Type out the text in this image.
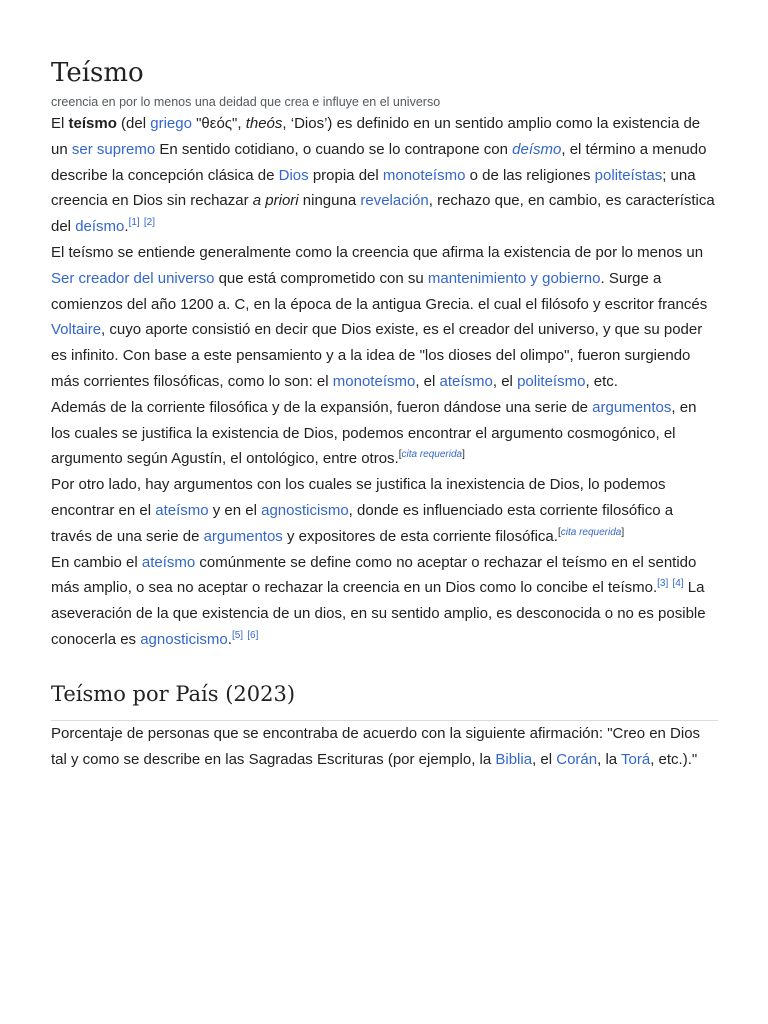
Teísmo
creencia en por lo menos una deidad que crea e influye en el universo

El teísmo (del griego "θεός", theós, ‘Dios’) es definido en un sentido amplio como la existencia de un ser supremo En sentido cotidiano, o cuando se lo contrapone con deísmo, el término a menudo describe la concepción clásica de Dios propia del monoteísmo o de las religiones politeístas; una creencia en Dios sin rechazar a priori ninguna revelación, rechazo que, en cambio, es característica del deísmo.[1] [2]

El teísmo se entiende generalmente como la creencia que afirma la existencia de por lo menos un Ser creador del universo que está comprometido con su mantenimiento y gobierno. Surge a comienzos del año 1200 a. C, en la época de la antigua Grecia. el cual el filósofo y escritor francés Voltaire, cuyo aporte consistió en decir que Dios existe, es el creador del universo, y que su poder es infinito. Con base a este pensamiento y a la idea de "los dioses del olimpo", fueron surgiendo más corrientes filosóficas, como lo son: el monoteísmo, el ateísmo, el politeísmo, etc.

Además de la corriente filosófica y de la expansión, fueron dándose una serie de argumentos, en los cuales se justifica la existencia de Dios, podemos encontrar el argumento cosmogónico, el argumento según Agustín, el ontológico, entre otros.[cita requerida]

Por otro lado, hay argumentos con los cuales se justifica la inexistencia de Dios, lo podemos encontrar en el ateísmo y en el agnosticismo, donde es influenciado esta corriente filosófico a través de una serie de argumentos y expositores de esta corriente filosófica.[cita requerida]

En cambio el ateísmo comúnmente se define como no aceptar o rechazar el teísmo en el sentido más amplio, o sea no aceptar o rechazar la creencia en un Dios como lo concibe el teísmo.[3] [4] La aseveración de la que existencia de un dios, en su sentido amplio, es desconocida o no es posible conocerla es agnosticismo.[5] [6]

Teísmo por País (2023)

Porcentaje de personas que se encontraba de acuerdo con la siguiente afirmación: "Creo en Dios tal y como se describe en las Sagradas Escrituras (por ejemplo, la Biblia, el Corán, la Torá, etc.)."
